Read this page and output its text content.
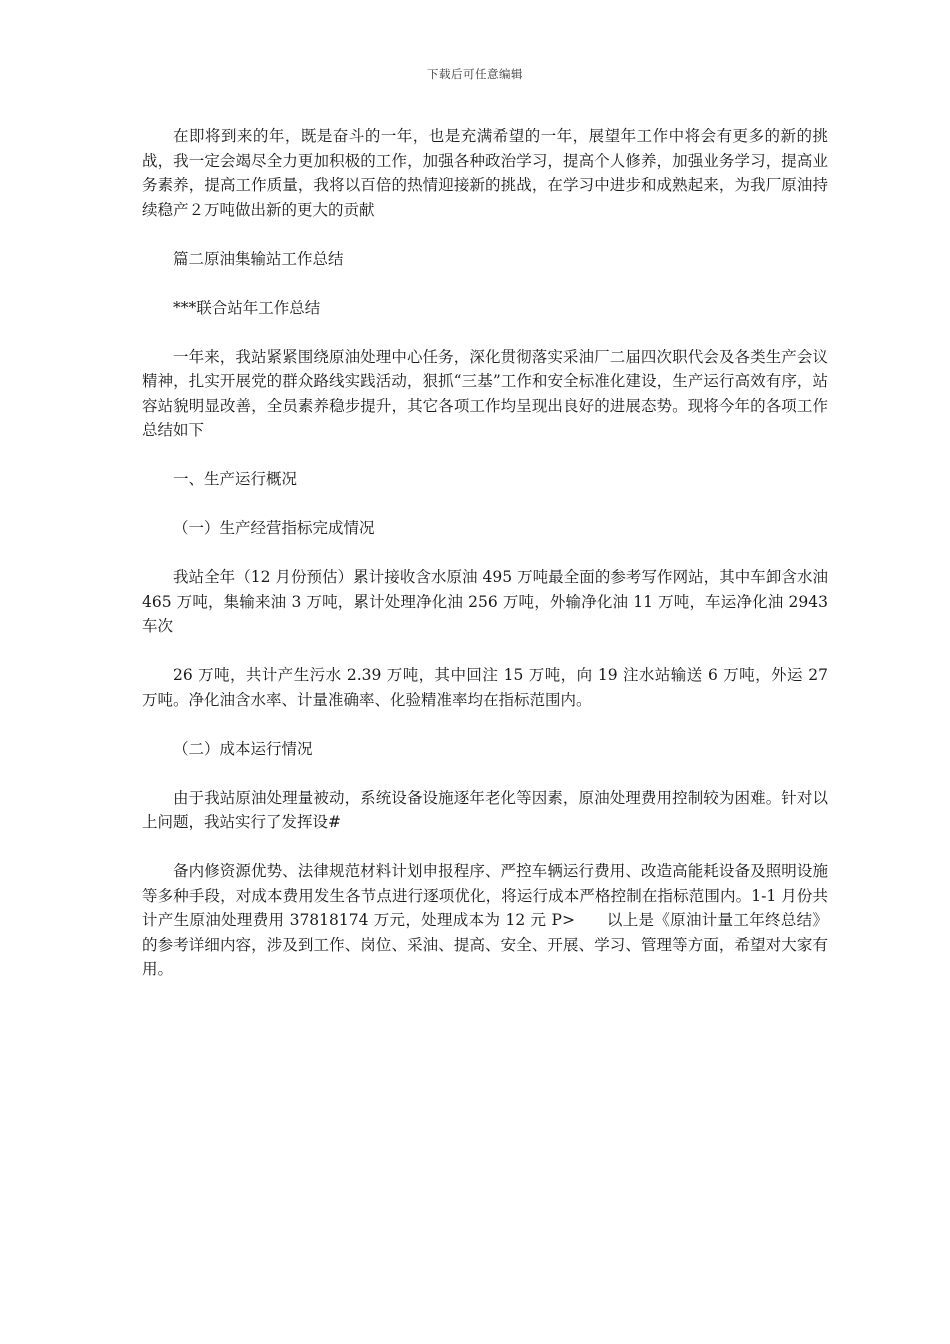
下载后可任意编辑

在即将到来的年，既是奋斗的一年，也是充满希望的一年，展望年工作中将会有更多的新的挑战，我一定会竭尽全力更加积极的工作，加强各种政治学习，提高个人修养，加强业务学习，提高业务素养，提高工作质量，我将以百倍的热情迎接新的挑战，在学习中进步和成熟起来，为我厂原油持续稳产２万吨做出新的更大的贡献

篇二原油集输站工作总结

***联合站年工作总结

一年来，我站紧紧围绕原油处理中心任务，深化贯彻落实采油厂二届四次职代会及各类生产会议精神，扎实开展党的群众路线实践活动，狠抓“三基”工作和安全标准化建设，生产运行高效有序，站容站貌明显改善，全员素养稳步提升，其它各项工作均呈现出良好的进展态势。现将今年的各项工作总结如下

一、生产运行概况

（一）生产经营指标完成情况

我站全年（12 月份预估）累计接收含水原油 495 万吨最全面的参考写作网站，其中车卸含水油 465 万吨，集输来油 3 万吨，累计处理净化油 256 万吨，外输净化油 11 万吨，车运净化油 2943 车次

26 万吨，共计产生污水 2.39 万吨，其中回注 15 万吨，向 19 注水站输送 6 万吨，外运 27 万吨。净化油含水率、计量准确率、化验精准率均在指标范围内。

（二）成本运行情况

由于我站原油处理量被动，系统设备设施逐年老化等因素，原油处理费用控制较为困难。针对以上问题，我站实行了发挥设#

备内修资源优势、法律规范材料计划申报程序、严控车辆运行费用、改造高能耗设备及照明设施等多种手段，对成本费用发生各节点进行逐项优化，将运行成本严格控制在指标范围内。1-1 月份共计产生原油处理费用 37818174 万元，处理成本为 12 元 P>　　以上是《原油计量工年终总结》的参考详细内容，涉及到工作、岗位、采油、提高、安全、开展、学习、管理等方面，希望对大家有用。
